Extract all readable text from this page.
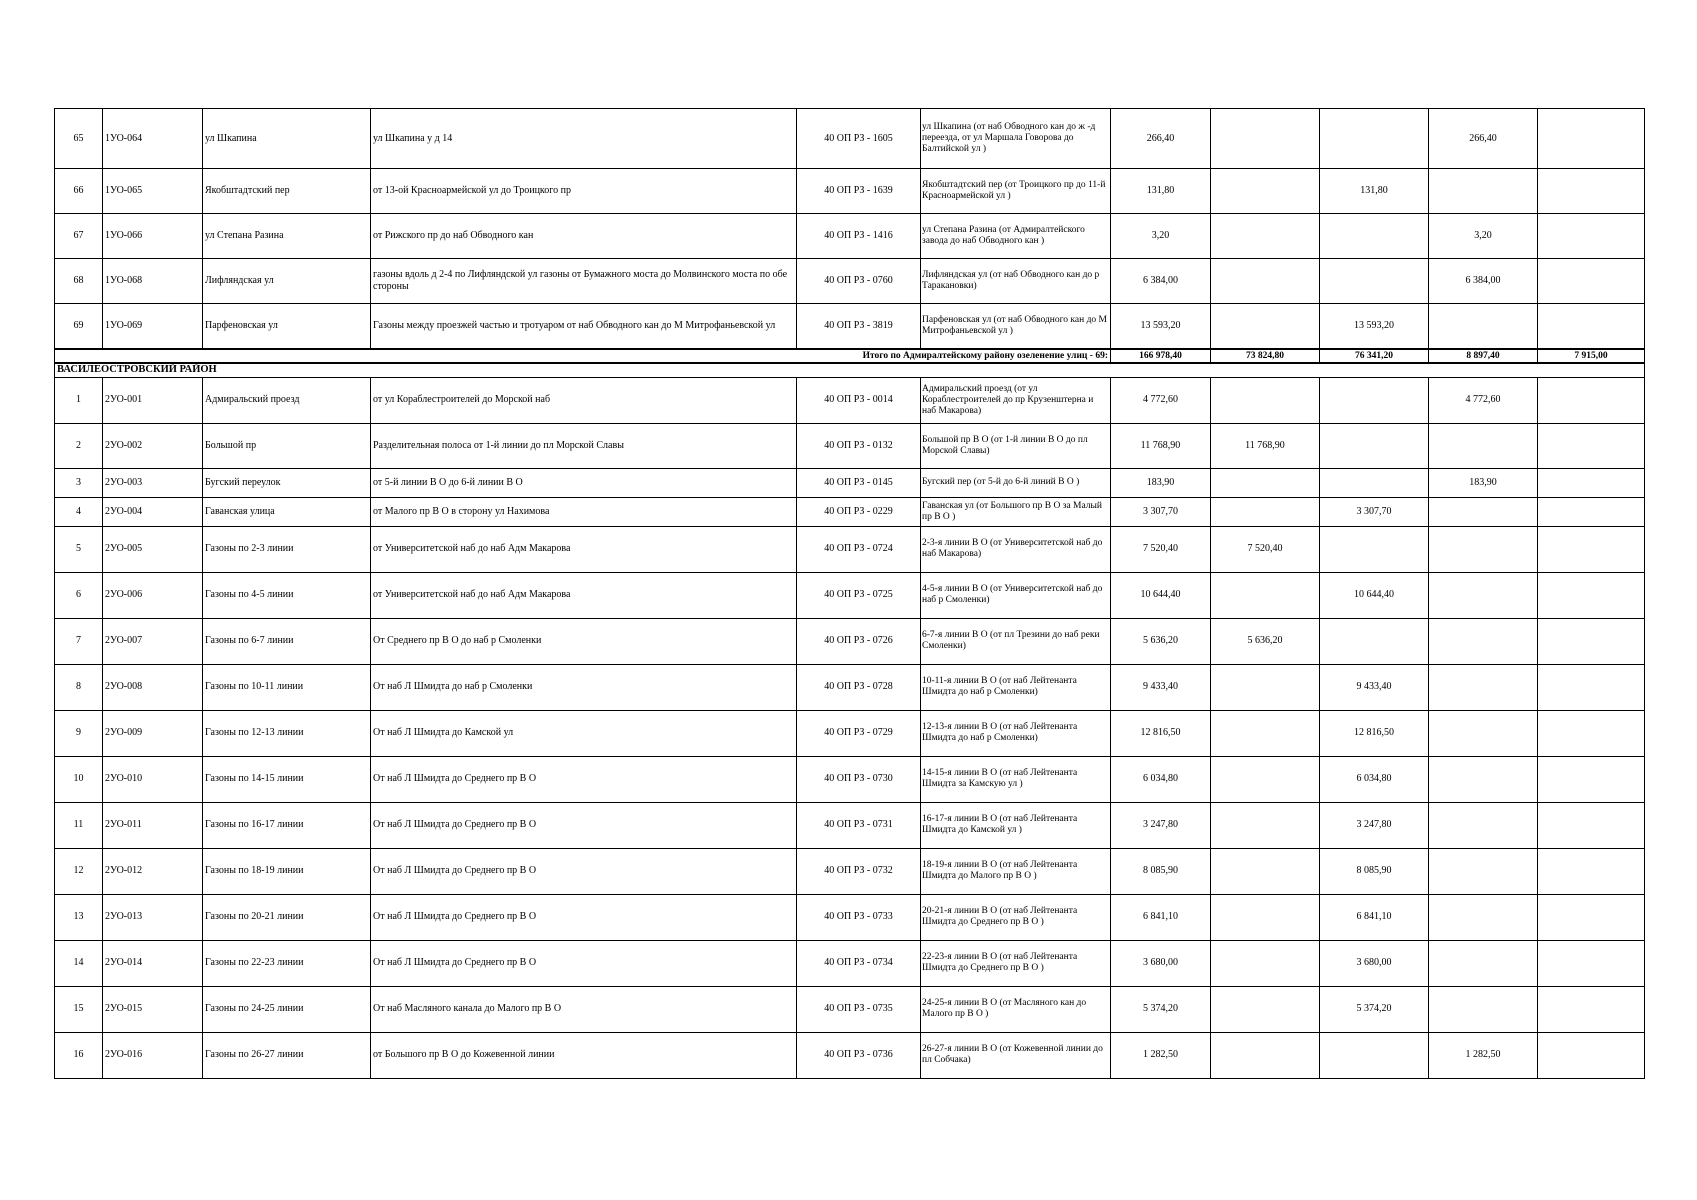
65	1УО-064	ул Шкапина	ул Шкапина у д 14	40 ОП РЗ - 1605	ул Шкапина (от наб Обводного кан до ж -д переезда, от ул Маршала Говорова до Балтийской ул )	266,40			266,40	
66	1УО-065	Якобштадтский пер	от 13-ой Красноармейской ул до Троицкого пр	40 ОП РЗ - 1639	Якобштадтский пер (от Троицкого пр до 11-й Красноармейской ул )	131,80		131,80		
67	1УО-066	ул Степана Разина	от Рижского пр до наб Обводного кан	40 ОП РЗ - 1416	ул Степана Разина (от Адмиралтейского завода до наб Обводного кан )	3,20			3,20	
68	1УО-068	Лифляндская ул	газоны вдоль д 2-4 по Лифляндской ул газоны от Бумажного моста до Молвинского моста по обе стороны	40 ОП РЗ - 0760	Лифляндская ул (от наб Обводного кан до р Таракановки)	6 384,00			6 384,00	
69	1УО-069	Парфеновская ул	Газоны между проезжей частью и тротуаром от наб Обводного кан до М Митрофаньевской ул	40 ОП РЗ - 3819	Парфеновская ул (от наб Обводного кан до М Митрофаньевской ул )	13 593,20		13 593,20		
Итого по Адмиралтейскому району озеленение улиц - 69:						166 978,40	73 824,80	76 341,20	8 897,40	7 915,00
ВАСИЛЕОСТРОВСКИЙ РАЙОН										
1	2УО-001	Адмиральский проезд	от ул Кораблестроителей до Морской наб	40 ОП РЗ - 0014	Адмиральский проезд (от ул Кораблестроителей до пр Крузенштерна и наб Макарова)	4 772,60			4 772,60	
2	2УО-002	Большой пр	Разделительная полоса от 1-й линии до пл Морской Славы	40 ОП РЗ - 0132	Большой пр В О (от 1-й линии В О до пл Морской Славы)	11 768,90	11 768,90			
3	2УО-003	Бугский переулок	от 5-й линии В О до 6-й линии В О	40 ОП РЗ - 0145	Бугский пер (от 5-й до 6-й линий В О )	183,90			183,90	
4	2УО-004	Гаванская улица	от Малого пр В О в сторону ул Нахимова	40 ОП РЗ - 0229	Гаванская ул (от Большого пр В О за Малый пр В О )	3 307,70		3 307,70		
5	2УО-005	Газоны по 2-3 линии	от Университетской наб до наб Адм Макарова	40 ОП РЗ - 0724	2-3-я линии В О (от Университетской наб до наб Макарова)	7 520,40	7 520,40			
6	2УО-006	Газоны по 4-5 линии	от Университетской наб до наб Адм Макарова	40 ОП РЗ - 0725	4-5-я линии В О (от Университетской наб до наб р Смоленки)	10 644,40		10 644,40		
7	2УО-007	Газоны по 6-7 линии	От Среднего пр В О до наб р Смоленки	40 ОП РЗ - 0726	6-7-я линии В О (от пл Трезини до наб реки Смоленки)	5 636,20	5 636,20			
8	2УО-008	Газоны по 10-11 линии	От наб Л Шмидта до наб р Смоленки	40 ОП РЗ - 0728	10-11-я линии В О (от наб Лейтенанта Шмидта до наб р Смоленки)	9 433,40		9 433,40		
9	2УО-009	Газоны по 12-13 линии	От наб Л Шмидта до Камской ул	40 ОП РЗ - 0729	12-13-я линии В О (от наб Лейтенанта Шмидта до наб р Смоленки)	12 816,50		12 816,50		
10	2УО-010	Газоны по 14-15 линии	От наб Л Шмидта до Среднего пр В О	40 ОП РЗ - 0730	14-15-я линии В О (от наб Лейтенанта Шмидта за Камскую ул )	6 034,80		6 034,80		
11	2УО-011	Газоны по 16-17 линии	От наб Л Шмидта до Среднего пр В О	40 ОП РЗ - 0731	16-17-я линии В О (от наб Лейтенанта Шмидта до Камской ул )	3 247,80		3 247,80		
12	2УО-012	Газоны по 18-19 линии	От наб Л Шмидта до Среднего пр В О	40 ОП РЗ - 0732	18-19-я линии В О (от наб Лейтенанта Шмидта до Малого пр В О )	8 085,90		8 085,90		
13	2УО-013	Газоны по 20-21 линии	От наб Л Шмидта до Среднего пр В О	40 ОП РЗ - 0733	20-21-я линии В О (от наб Лейтенанта Шмидта до Среднего пр В О )	6 841,10		6 841,10		
14	2УО-014	Газоны по 22-23 линии	От наб Л Шмидта до Среднего пр В О	40 ОП РЗ - 0734	22-23-я линии В О (от наб Лейтенанта Шмидта до Среднего пр В О )	3 680,00		3 680,00		
15	2УО-015	Газоны по 24-25 линии	От наб Масляного канала до Малого пр В О	40 ОП РЗ - 0735	24-25-я линии В О (от Масляного кан до Малого пр В О )	5 374,20		5 374,20		
16	2УО-016	Газоны по 26-27 линии	от Большого пр В О до Кожевенной линии	40 ОП РЗ - 0736	26-27-я линии В О (от Кожевенной линии до пл Собчака)	1 282,50			1 282,50	
